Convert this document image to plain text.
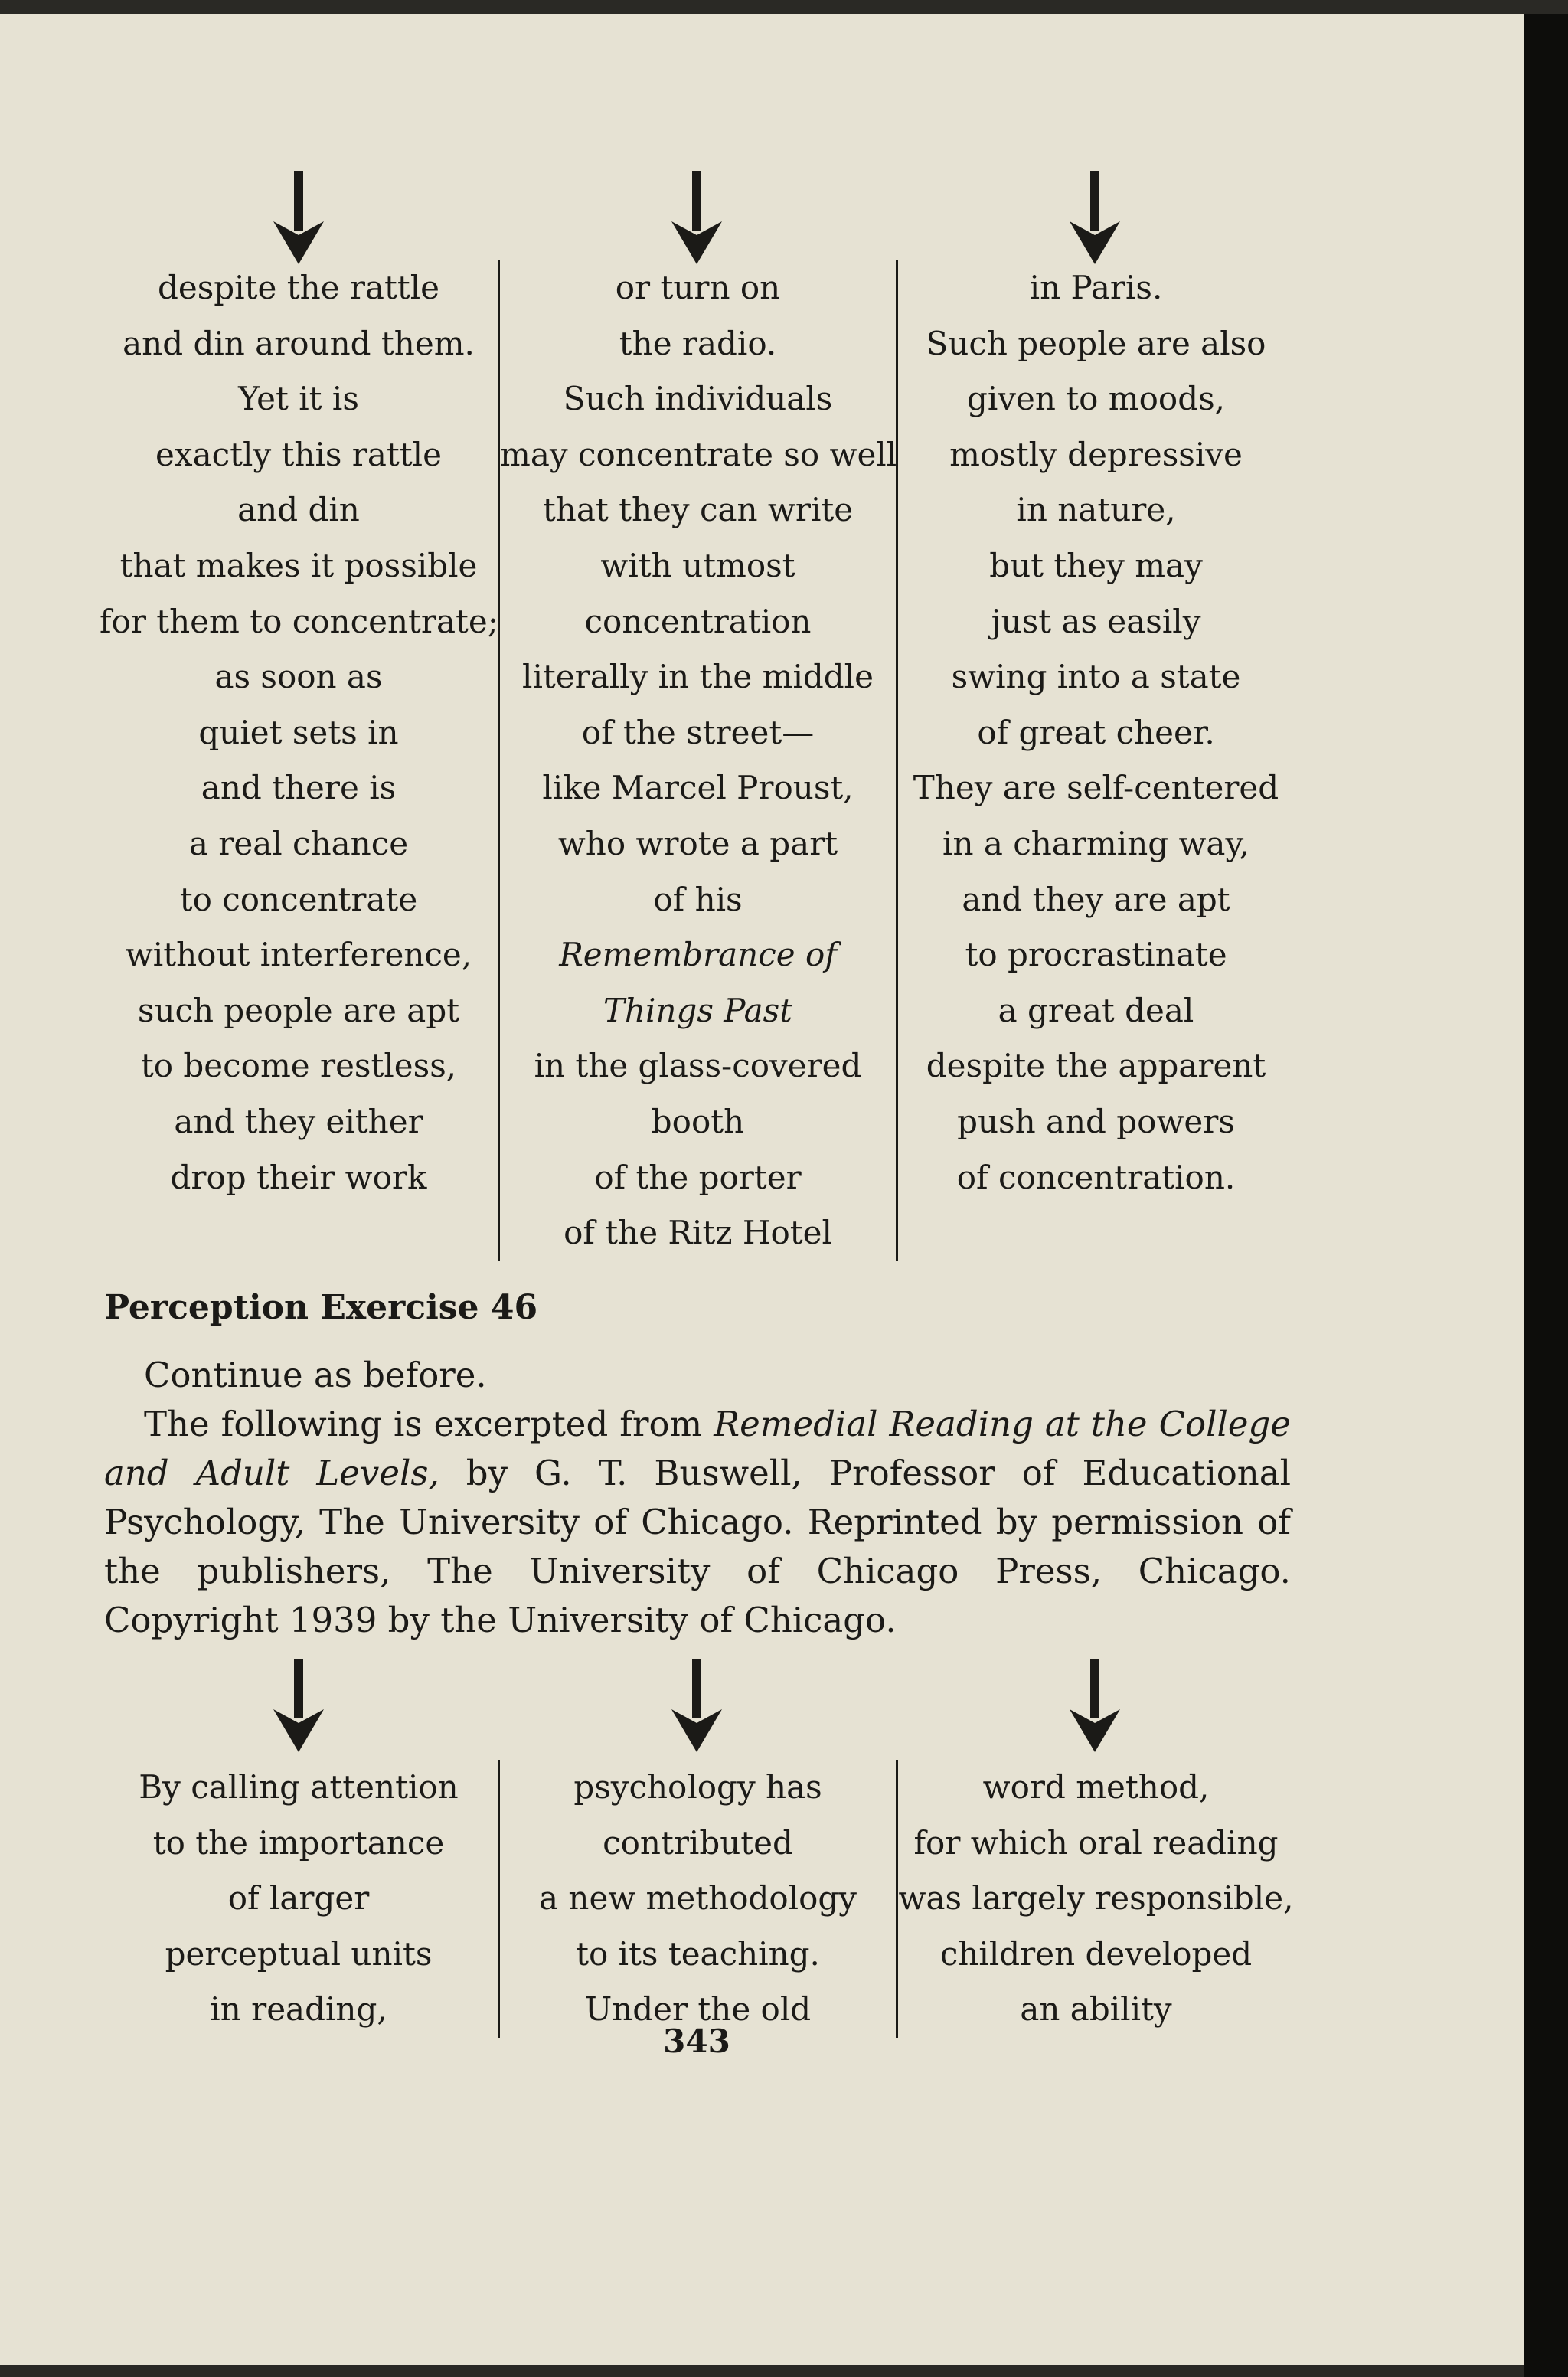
despite the rattle
and din around them.
Yet it is
exactly this rattle
and din
that makes it possible
for them to concentrate;
as soon as
quiet sets in
and there is
a real chance
to concentrate
without interference,
such people are apt
to become restless,
and they either
drop their work
or turn on
the radio.
Such individuals
may concentrate so well
that they can write
with utmost
concentration
literally in the middle
of the street—
like Marcel Proust,
who wrote a part
of his
Remembrance of
Things Past
in the glass-covered
booth
of the porter
of the Ritz Hotel
in Paris.
Such people are also
given to moods,
mostly depressive
in nature,
but they may
just as easily
swing into a state
of great cheer.
They are self-centered
in a charming way,
and they are apt
to procrastinate
a great deal
despite the apparent
push and powers
of concentration.
Perception Exercise 46
Continue as before.
The following is excerpted from Remedial Reading at the College and Adult Levels, by G. T. Buswell, Professor of Educational Psychology, The University of Chicago. Reprinted by permission of the publishers, The University of Chicago Press, Chicago. Copyright 1939 by the University of Chicago.
By calling attention
to the importance
of larger
perceptual units
in reading,
psychology has
contributed
a new methodology
to its teaching.
Under the old
word method,
for which oral reading
was largely responsible,
children developed
an ability
343
